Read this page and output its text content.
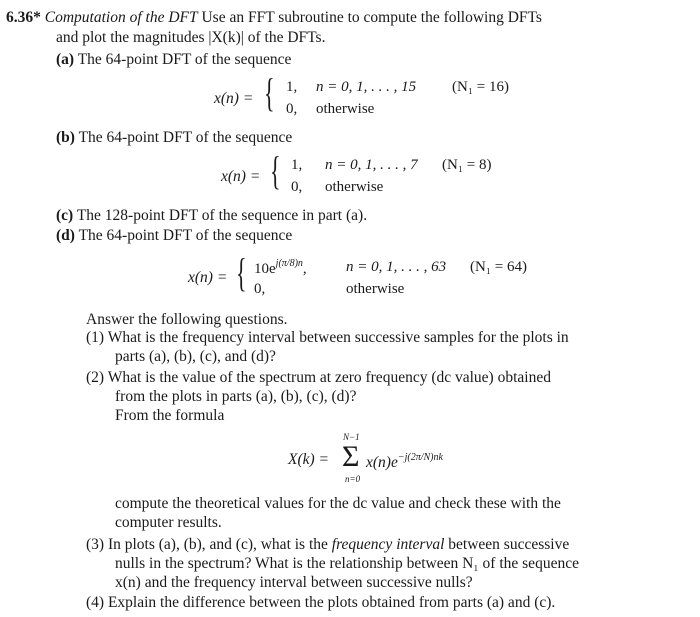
6.36* Computation of the DFT Use an FFT subroutine to compute the following DFTs
and plot the magnitudes |X(k)| of the DFTs.
(a) The 64-point DFT of the sequence
x(n) = { 1, n = 0, 1, . . . , 15 (N₁ = 16)
0, otherwise
(b) The 64-point DFT of the sequence
x(n) = { 1, n = 0, 1, . . . , 7 (N₁ = 8)
0, otherwise
(c) The 128-point DFT of the sequence in part (a).
(d) The 64-point DFT of the sequence
x(n) = { $10e^{j(\pi/8)n}$,	n = 0, 1, . . . , 63 (N₁ = 64)
0,	otherwise
Answer the following questions.
(1) What is the frequency interval between successive samples for the plots in
parts (a), (b), (c), and (d)?
(2) What is the value of the spectrum at zero frequency (dc value) obtained
from the plots in parts (a), (b), (c), (d)?
From the formula
X(k) =
N−1
Σ
n=0
$x(n)e^{-j(2\pi/N)nk}$
compute the theoretical values for the dc value and check these with the
computer results.
(3) In plots (a), (b), and (c), what is the frequency interval between successive
nulls in the spectrum? What is the relationship between N₁ of the sequence
x(n) and the frequency interval between successive nulls?
(4) Explain the difference between the plots obtained from parts (a) and (c).
